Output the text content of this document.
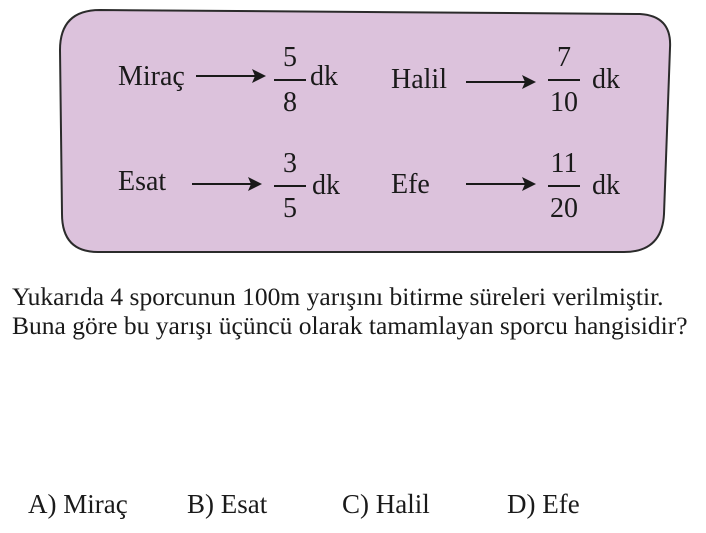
Miraç
5
8
dk Halil
7
10
dk
Esat
3
5
dk Efe
11
20
dk

Yukarıda 4 sporcunun 100m yarışını bitirme süreleri verilmiştir.

Buna göre bu yarışı üçüncü olarak tamamlayan sporcu hangisidir?

A) Miraç B) Esat	C) Halil	D) Efe
